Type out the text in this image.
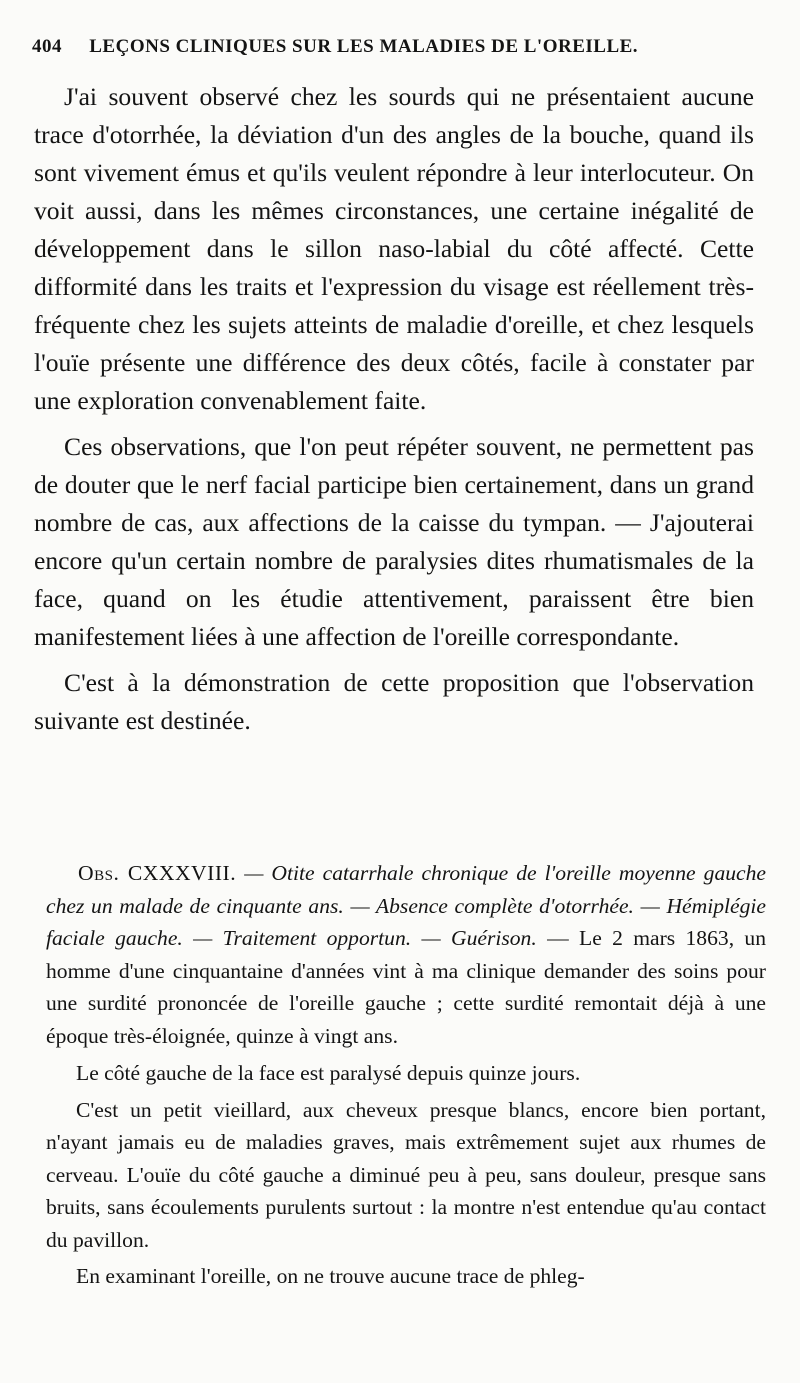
404 LEÇONS CLINIQUES SUR LES MALADIES DE L'OREILLE.

J'ai souvent observé chez les sourds qui ne présentaient aucune trace d'otorrhée, la déviation d'un des angles de la bouche, quand ils sont vivement émus et qu'ils veulent répondre à leur interlocuteur. On voit aussi, dans les mêmes circonstances, une certaine inégalité de développement dans le sillon naso-labial du côté affecté. Cette difformité dans les traits et l'expression du visage est réellement très-fréquente chez les sujets atteints de maladie d'oreille, et chez lesquels l'ouïe présente une différence des deux côtés, facile à constater par une exploration convenablement faite.

Ces observations, que l'on peut répéter souvent, ne permettent pas de douter que le nerf facial participe bien certainement, dans un grand nombre de cas, aux affections de la caisse du tympan. — J'ajouterai encore qu'un certain nombre de paralysies dites rhumatismales de la face, quand on les étudie attentivement, paraissent être bien manifestement liées à une affection de l'oreille correspondante.

C'est à la démonstration de cette proposition que l'observation suivante est destinée.

Obs. CXXXVIII. — Otite catarrhale chronique de l'oreille moyenne gauche chez un malade de cinquante ans. — Absence complète d'otorrhée. — Hémiplégie faciale gauche. — Traitement opportun. — Guérison. — Le 2 mars 1863, un homme d'une cinquantaine d'années vint à ma clinique demander des soins pour une surdité prononcée de l'oreille gauche ; cette surdité remontait déjà à une époque très-éloignée, quinze à vingt ans.

Le côté gauche de la face est paralysé depuis quinze jours.

C'est un petit vieillard, aux cheveux presque blancs, encore bien portant, n'ayant jamais eu de maladies graves, mais extrêmement sujet aux rhumes de cerveau. L'ouïe du côté gauche a diminué peu à peu, sans douleur, presque sans bruits, sans écoulements purulents surtout : la montre n'est entendue qu'au contact du pavillon.

En examinant l'oreille, on ne trouve aucune trace de phleg-
